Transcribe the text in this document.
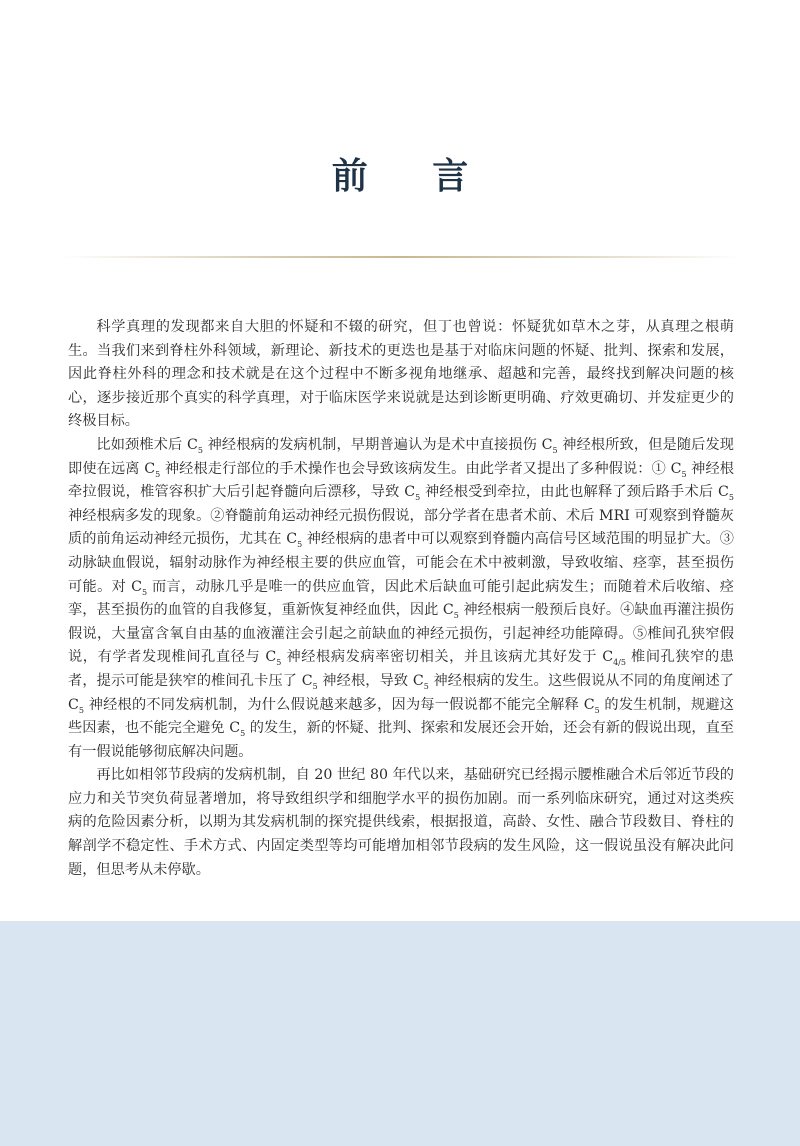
前 言

科学真理的发现都来自大胆的怀疑和不辍的研究，但丁也曾说：怀疑犹如草木之芽，从真理之根萌生。当我们来到脊柱外科领域，新理论、新技术的更迭也是基于对临床问题的怀疑、批判、探索和发展，因此脊柱外科的理念和技术就是在这个过程中不断多视角地继承、超越和完善，最终找到解决问题的核心，逐步接近那个真实的科学真理，对于临床医学来说就是达到诊断更明确、疗效更确切、并发症更少的终极目标。

比如颈椎术后 $C_5$ 神经根病的发病机制，早期普遍认为是术中直接损伤 $C_5$ 神经根所致，但是随后发现即使在远离 $C_5$ 神经根走行部位的手术操作也会导致该病发生。由此学者又提出了多种假说：① $C_5$ 神经根牵拉假说，椎管容积扩大后引起脊髓向后漂移，导致 $C_5$ 神经根受到牵拉，由此也解释了颈后路手术后 $C_5$ 神经根病多发的现象。②脊髓前角运动神经元损伤假说，部分学者在患者术前、术后 MRI 可观察到脊髓灰质的前角运动神经元损伤，尤其在 $C_5$ 神经根病的患者中可以观察到脊髓内高信号区域范围的明显扩大。③动脉缺血假说，辐射动脉作为神经根主要的供应血管，可能会在术中被刺激，导致收缩、痉挛，甚至损伤可能。对 $C_5$ 而言，动脉几乎是唯一的供应血管，因此术后缺血可能引起此病发生；而随着术后收缩、痉挛，甚至损伤的血管的自我修复，重新恢复神经血供，因此 $C_5$ 神经根病一般预后良好。④缺血再灌注损伤假说，大量富含氧自由基的血液灌注会引起之前缺血的神经元损伤，引起神经功能障碍。⑤椎间孔狭窄假说，有学者发现椎间孔直径与 $C_5$ 神经根病发病率密切相关，并且该病尤其好发于 $C_{4/5}$ 椎间孔狭窄的患者，提示可能是狭窄的椎间孔卡压了 $C_5$ 神经根，导致 $C_5$ 神经根病的发生。这些假说从不同的角度阐述了 $C_5$ 神经根的不同发病机制，为什么假说越来越多，因为每一假说都不能完全解释 $C_5$ 的发生机制，规避这些因素，也不能完全避免 $C_5$ 的发生，新的怀疑、批判、探索和发展还会开始，还会有新的假说出现，直至有一假说能够彻底解决问题。

再比如相邻节段病的发病机制，自 20 世纪 80 年代以来，基础研究已经揭示腰椎融合术后邻近节段的应力和关节突负荷显著增加，将导致组织学和细胞学水平的损伤加剧。而一系列临床研究，通过对这类疾病的危险因素分析，以期为其发病机制的探究提供线索，根据报道，高龄、女性、融合节段数目、脊柱的解剖学不稳定性、手术方式、内固定类型等均可能增加相邻节段病的发生风险，这一假说虽没有解决此问题，但思考从未停歇。
